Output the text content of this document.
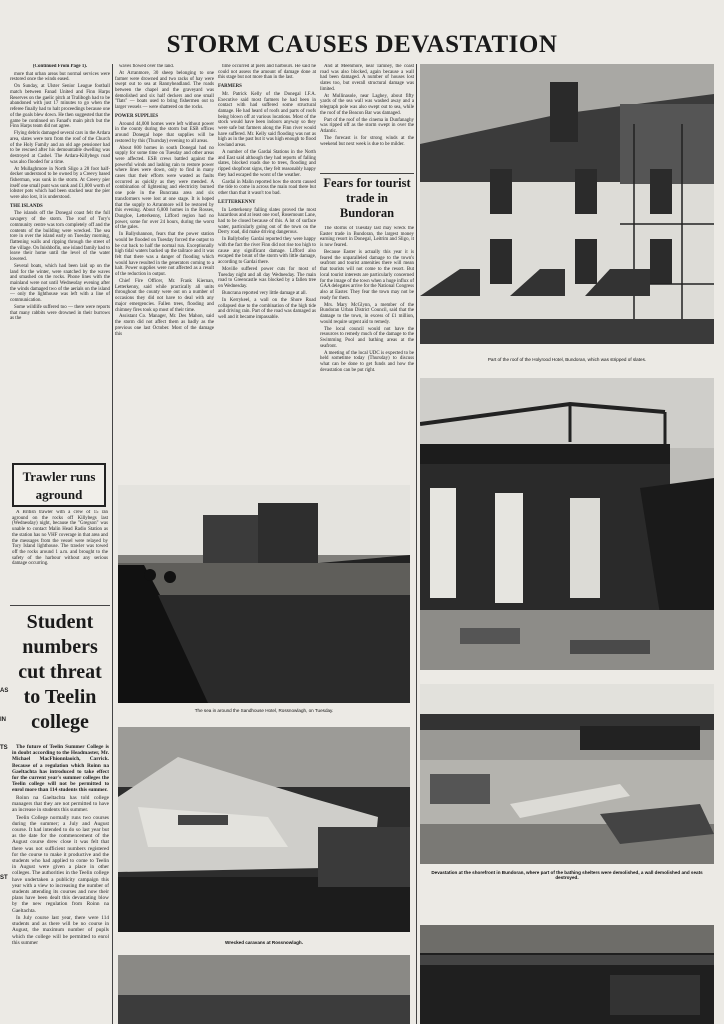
STORM CAUSES DEVASTATION
AS
IN
TS
ST

(Continued From Page 1).

more that urban areas but normal services were restored once the winds eased.

On Sunday, at Ulster Senior League football match between Fanad United and Finn Harps Reserves on the gaelic pitch at Tralibogh had to be abandoned with just 17 minutes to go when the referee finally had to halt proceedings because one of the goals blew down. He then suggested that the game be continued on Fanad's main pitch but the Finn Harps team did not agree.

Flying debris damaged several cars in the Ardara area, slates were torn from the roof of the Church of the Holy Family and an old age pensioner had to be rescued after his demountable dwelling was destroyed at Cashel. The Ardara-Killybegs road was also flooded for a time.

At Mullaghmore in North Sligo a 28 foot half-decker understood to be owned by a Creevy based fisherman, was sunk in the storm. At Creevy pier itself one small punt was sunk and £1,000 worth of lobster pots which had been stacked near the pier were also lost, it is understood.

THE ISLANDS

The islands off the Donegal coast felt the full savagery of the storm. The roof of Tory's community centre was torn completely off and the contents of the building were wrecked. The sea tore in over the island early on Tuesday morning, flattening walls and ripping through the street of the village. On Inishbofin, one island family had to leave their home until the level of the water lowered.

Several boats, which had been laid up on the land for the winter, were snatched by the waves and smashed on the rocks. Phone lines with the mainland were not until Wednesday evening after the winds damaged two of the aerials on the island — only the lighthouse was left with a line of communication.

Some wildlife suffered too — there were reports that many rabbits were drowned in their burrows as the

waves flowed over the land.

At Arranmore, 30 sheep belonging to one farmer were drowned and two racks of hay were swept out to sea at Rannyheadland. The roads between the chapel and the graveyard was demolished and six half deckers and one small "flats" — boats used to bring fishermen out to larger vessels — were shattered on the rocks.

POWER SUPPLIES

Around 44,000 homes were left without power in the county during the storm but ESB offices around Donegal hope that supplies will be restored by this (Thursday) evening to all areas.

About 800 homes in south Donegal had no supply for some time on Tuesday and other areas were affected. ESB crews battled against the powerful winds and lashing rain to restore power where lines were down, only to find in many cases that their efforts were wasted as faults occurred as quickly as they were mended. A combination of lightening and electricity burned one pole in the Buncrana area and six transformers were lost at one stage. It is hoped that the supply to Arranmore will be restored by this evening. About 6,000 homes in the Rosses, Dungloe, Letterkenny, Lifford region had no power, some for over 24 hours, during the worst of the gales.

In Ballyshannon, fears that the power station would be flooded on Tuesday forced the output to be cut back to half the normal run. Exceptionally high tidal waters backed up the tailrace and it was felt that there was a danger of flooding which would have resulted in the generators coming to a halt. Power supplies were not affected as a result of the reduction in output.

Chief Fire Officer, Mr. Frank Kiernan, Letterkenny, said while practically all units throughout the county were out on a number of occasions they did not have to deal with any major emergencies. Fallen trees, flooding and chimney fires took up most of their time.

Assistant Co. Manager, Mr. Des Mahon, said the storm did not affect them as badly as the previous one last October. Most of the damage this

time occurred at piers and harbours. He said he could not assess the amount of damage done at this stage but not more than in the last.

FARMERS

Mr. Patrick Kelly of the Donegal I.F.A. Executive said most farmers he had been in contact with had suffered some structural damage. He had heard of roofs and parts of roofs being blown off at various locations. Most of the stock would have been indoors anyway so they were safe but farmers along the Finn river would have suffered. Mr. Kelly said flooding was not as high as in the past but it was high enough to flood lowland areas.

A number of the Gardai Stations in the North and East said although they had reports of falling slates, blocked roads due to trees, flooding and ripped shopfront signs, they felt reasonably happy they had escaped the worst of the weather.

Gardai in Malin reported how the storm caused the tide to come in across the main road there but other than that it wasn't too bad.

LETTERKENNY

In Letterkenny falling slates proved the most hazardous and at least one roof, Rosemount Lane, had to be closed because of this. A lot of surface water, particularly going out of the town on the Derry road, did make driving dangerous.

In Ballybofey Gardai reported they were happy with the fact the river Finn did not rise too high to cause any significant damage. Lifford also escaped the brunt of the storm with little damage, according to Gardai there.

Moville suffered power cuts for most of Tuesday night and all day Wednesday. The main road to Greencastle was blocked by a fallen tree on Wednesday.

Buncrana reported very little damage at all.

In Kerrykeel, a wall on the Shore Road collapsed due to the combination of the high tide and driving rain. Part of the road was damaged as well and it became impassable.

And at Meenmore, near Tamney, the coast road was also blocked, again because a wall had been damaged. A number of houses lost slates too, but overall structural damage was limited.

At Mullinasole, near Laghey, about fifty yards of the sea wall was washed away and a telegraph pole was also swept out to sea, while the roof of the Beacon Bar was damaged.

Part of the roof of the cinema in Dunfanaghy was ripped off as the storm swept in over the Atlantic.

The forecast is for strong winds at the weekend but next week is due to be milder.

Fears for tourist trade in Bundoran

The storms of Tuesday last may wreck the Easter trade in Bundoran, the largest money earning resort in Donegal, Leitrim and Sligo, it is now feared.

Because Easter is actually this year it is feared the unparalleled damage to the town's seafront and tourist amenities there will mean that tourists will not come to the resort. But local tourist interests are particularly concerned for the image of the town when a huge influx of GAA delegates arrive for the National Congress also at Easter. They fear the town may not be ready for them.

Mrs. Mary McGlynn, a member of the Bundoran Urban District Council, said that the damage to the town, in excess of £1 million, would require urgent aid to remedy.

The local council would not have the resources to remedy much of the damage to the Swimming Pool and bathing areas at the seafront.

A meeting of the local UDC is expected to be held sometime today (Thursday) to discuss what can be done to get funds and how the devastation can be put right.

Trawler runs aground

A British trawler with a crew of 15 ran aground on the rocks off Killybegs last (Wednesday) night, because the "Gregson" was unable to contact Malin Head Radio Station as the station has no VHF coverage in that area and the messages from the vessel were relayed by Tory Island lighthouse. The trawler was towed off the rocks around 1 a.m. and brought to the safety of the harbour without any serious damage occurring.

Student numbers cut threat to Teelin college

The future of Teelin Summer College is in doubt according to the Headmaster, Mr. Michael MacFhionnlaoich, Carrick. Because of a regulation which Roinn na Gaeltachta has introduced to take effect for the current year's summer colleges the Teelin college will not be permitted to enrol more than 114 students this summer.

Roinn na Gaeltachta has told college managers that they are not permitted to have an increase in students this summer.

Teelin College normally runs two courses during the summer; a July and August course. It had intended to do so last year but as the date for the commencement of the August course drew close it was felt that there was not sufficient numbers registered for the course to make it productive and the students who had applied to come to Teelin in August were given a place in other colleges. The authorities in the Teelin college have undertaken a publicity campaign this year with a view to increasing the number of students attending its courses and now their plans have been dealt this devastating blow by the new regulation from Roinn na Gaeltachta.

In July course last year, there were 114 students and as there will be no course in August, the maximum number of pupils which the college will be permitted to enrol this summer

Part of the roof of the Holyrood Hotel, Bundoran, which was stripped of slates.
The sea in around the Sandhouse Hotel, Rossnowlagh, on Tuesday.
Wrecked caravans at Rossnowlagh.
Devastation at the shorefront in Bundoran, where part of the bathing shelters were demolished, a wall demolished and seats destroyed.
